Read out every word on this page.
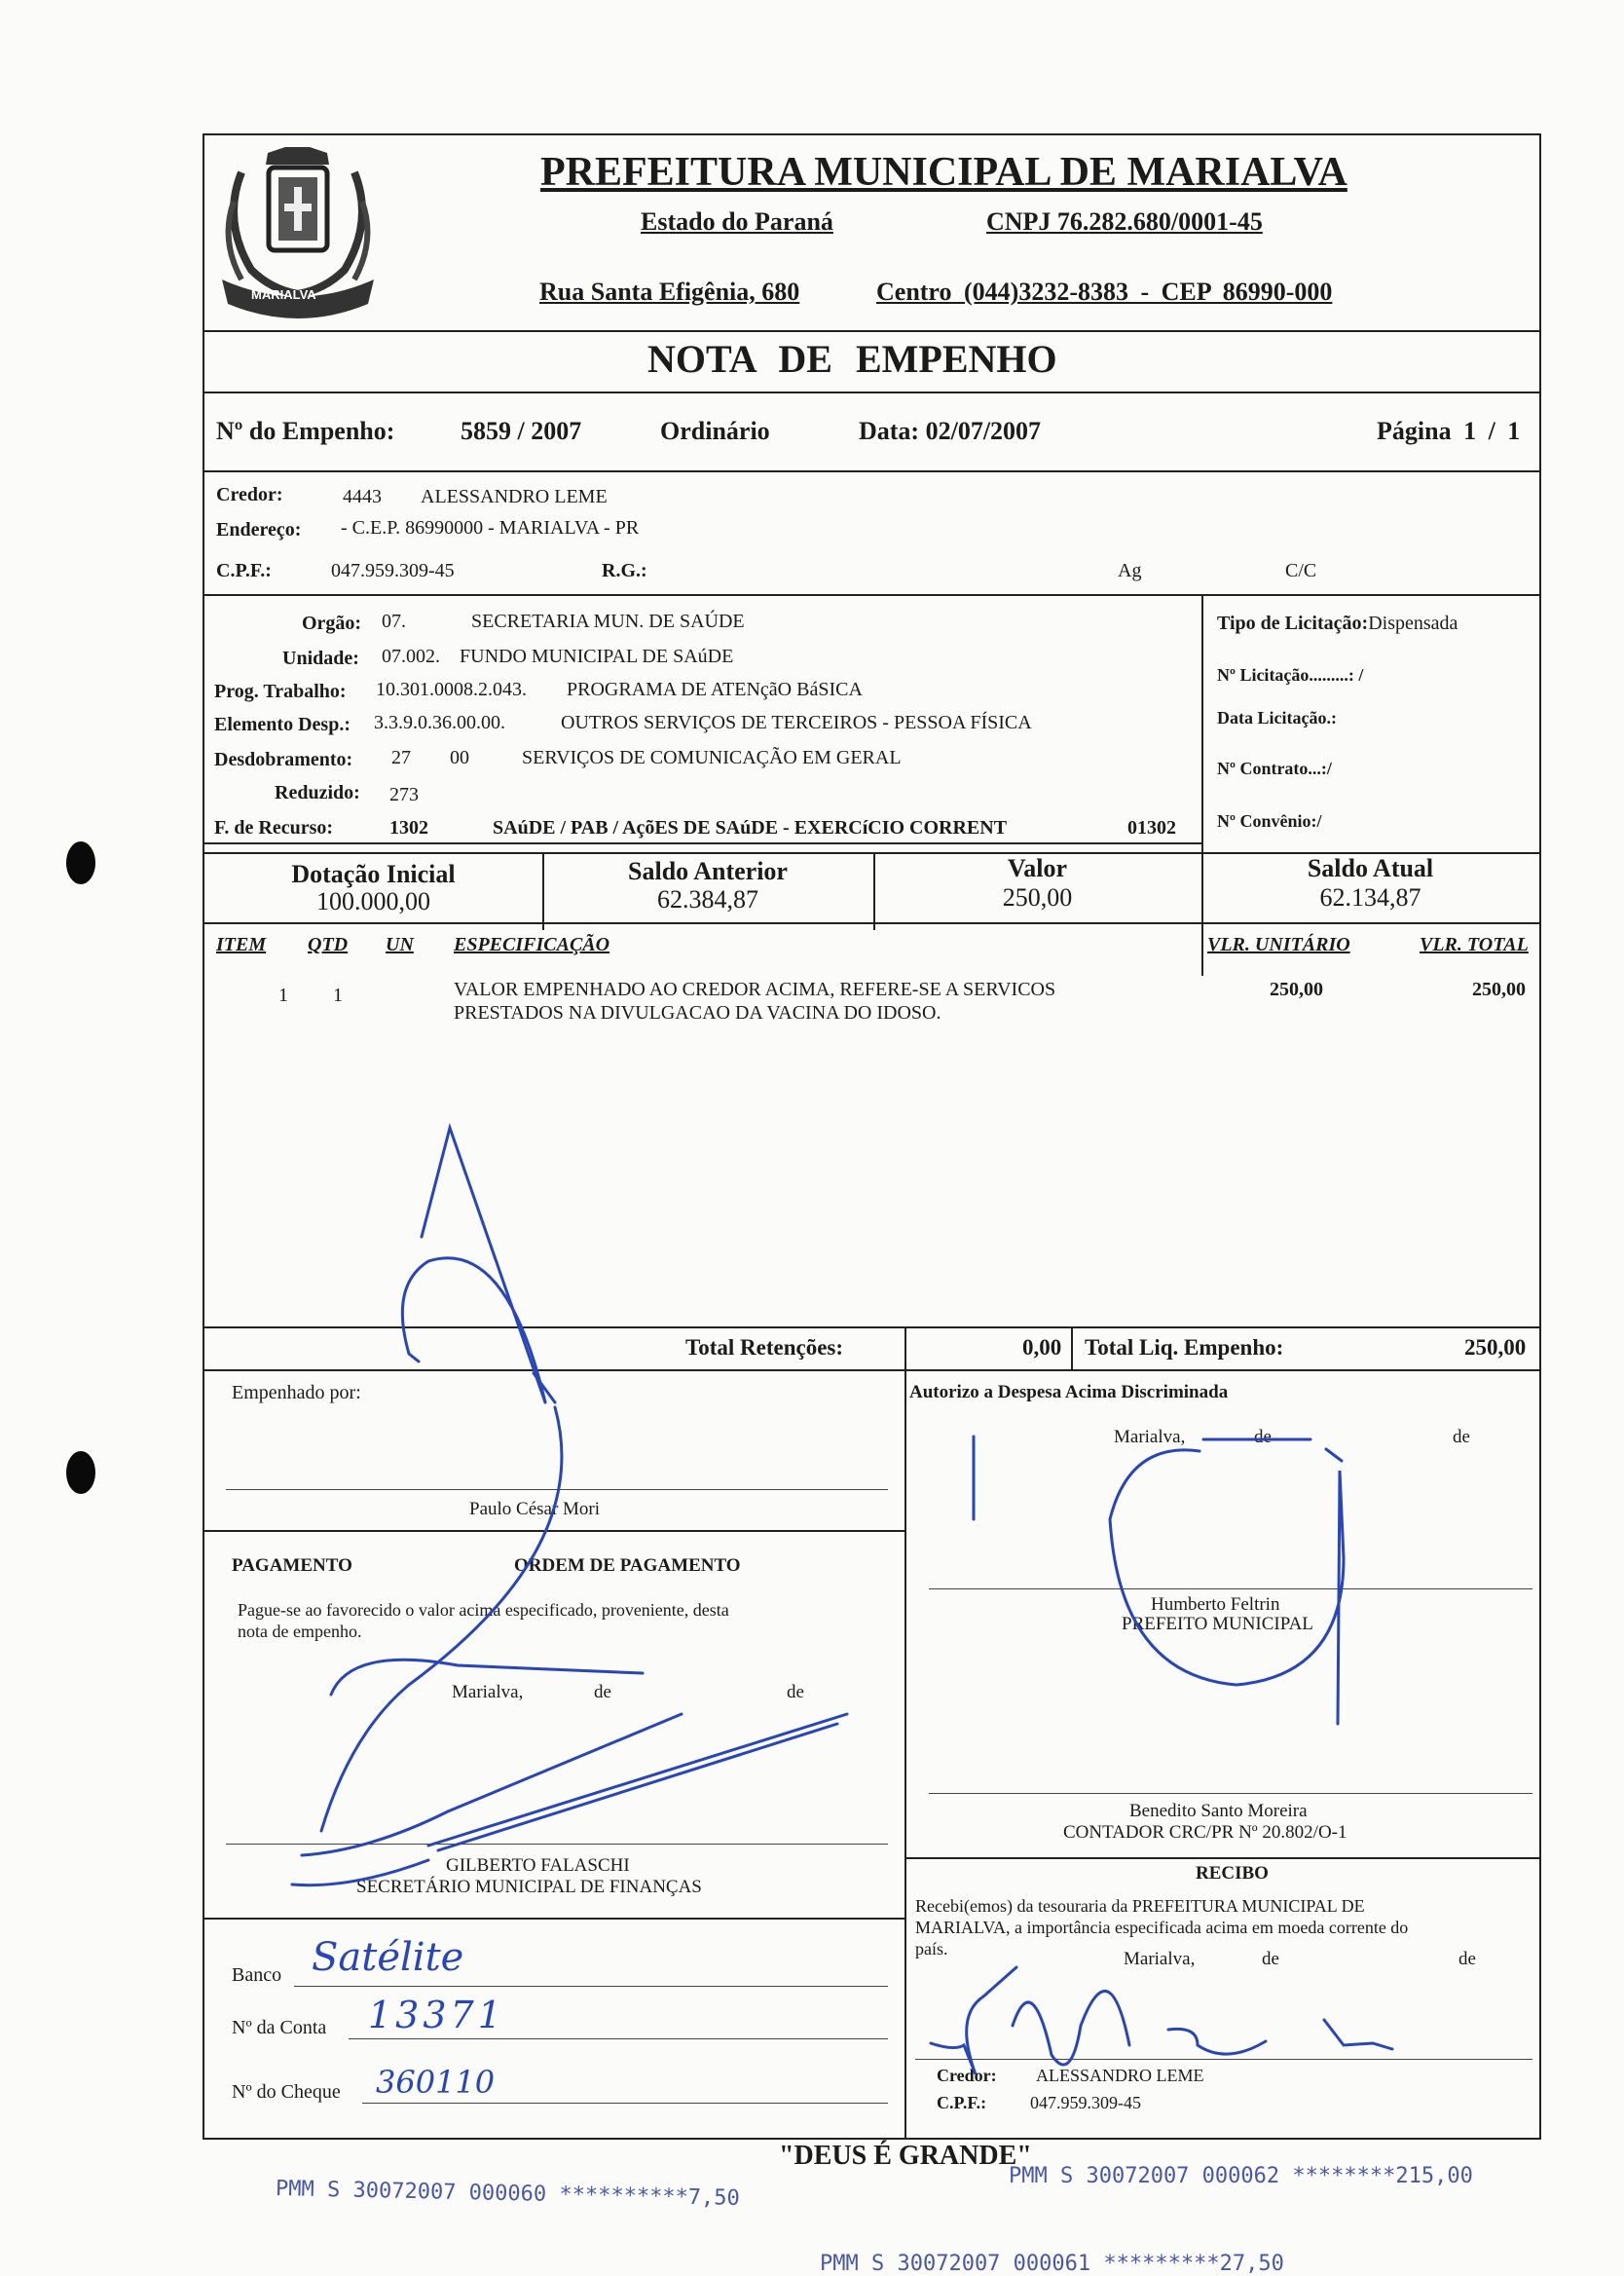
MARIALVA
PREFEITURA MUNICIPAL DE MARIALVA
Estado do Paraná	CNPJ 76.282.680/0001-45
Rua Santa Efigênia, 680	Centro (044)3232-8383 - CEP 86990-000
NOTA DE EMPENHO
Nº do Empenho:	5859 / 2007	Ordinário	Data: 02/07/2007	Página 1 / 1
Credor:	4443 ALESSANDRO LEME
Endereço: - C.E.P. 86990000 - MARIALVA - PR
C.P.F.:	047.959.309-45	R.G.:	Ag	C/C
Orgão: 07.	SECRETARIA MUN. DE SAÚDE
Unidade: 07.002. FUNDO MUNICIPAL DE SAúDE
Prog. Trabalho: 10.301.0008.2.043. PROGRAMA DE ATENçãO BáSICA
Elemento Desp.: 3.3.9.0.36.00.00.	OUTROS SERVIÇOS DE TERCEIROS - PESSOA FÍSICA
Desdobramento: 27 00	SERVIÇOS DE COMUNICAÇÃO EM GERAL
Reduzido: 273
F. de Recurso:	1302	SAúDE / PAB / AçõES DE SAúDE - EXERCíCIO CORRENT	01302
Tipo de Licitação:Dispensada
Nº Licitação.........: /
Data Licitação.:
Nº Contrato...:/
Nº Convênio:/
Dotação Inicial
100.000,00
Saldo Anterior
62.384,87
Valor
250,00
Saldo Atual
62.134,87
ITEM QTD UN ESPECIFICAÇÃO	VLR. UNITÁRIO	VLR. TOTAL
1 1	VALOR EMPENHADO AO CREDOR ACIMA, REFERE-SE A SERVICOS
PRESTADOS NA DIVULGACAO DA VACINA DO IDOSO.
250,00	250,00
Total Retenções:	0,00 Total Liq. Empenho:	250,00
Empenhado por:
Paulo César Mori
Autorizo a Despesa Acima Discriminada
Marialva,	de	de
Humberto Feltrin
PREFEITO MUNICIPAL
PAGAMENTO	ORDEM DE PAGAMENTO
Pague-se ao favorecido o valor acima especificado, proveniente, desta
nota de empenho.
Marialva,	de	de
GILBERTO FALASCHI
SECRETÁRIO MUNICIPAL DE FINANÇAS
Benedito Santo Moreira
CONTADOR CRC/PR Nº 20.802/O-1
RECIBO
Recebi(emos) da tesouraria da PREFEITURA MUNICIPAL DE
MARIALVA, a importância especificada acima em moeda corrente do
país.	Marialva,	de	de
Credor: ALESSANDRO LEME
C.P.F.: 047.959.309-45
Banco Satélite
Nº da Conta 13371
Nº do Cheque 360110
"DEUS É GRANDE"
PMM S 30072007 000060 **********7,50
PMM S 30072007 000061 *********27,50
PMM S 30072007 000062 ********215,00
